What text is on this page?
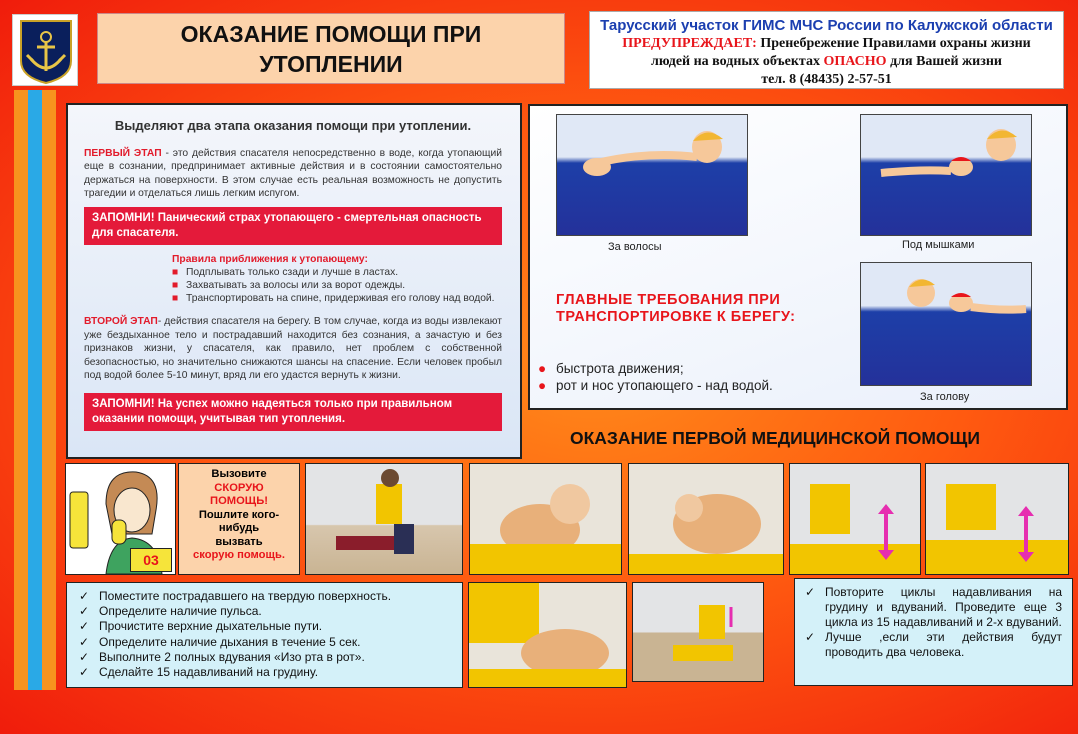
ОКАЗАНИЕ ПОМОЩИ ПРИ УТОПЛЕНИИ
Тарусский участок ГИМС МЧС России по Калужской области
ПРЕДУПРЕЖДАЕТ: Пренебрежение Правилами охраны жизни
людей на водных объектах ОПАСНО для Вашей жизни
тел. 8 (48435) 2-57-51
Выделяют два этапа оказания помощи при утоплении.
ПЕРВЫЙ ЭТАП - это действия спасателя непосредственно в воде, когда утопающий еще в сознании, предпринимает активные действия и в состоянии самостоятельно держаться на поверхности. В этом случае есть реальная возможность не допустить трагедии и отделаться лишь легким испугом.
ЗАПОМНИ! Панический страх утопающего - смертельная опасность для спасателя.
Правила приближения к утопающему:
■ Подплывать только сзади и лучше в ластах.
■ Захватывать за волосы или за ворот одежды.
■ Транспортировать на спине, придерживая его голову над водой.
ВТОРОЙ ЭТАП- действия спасателя на берегу. В том случае, когда из воды извлекают уже бездыханное тело и пострадавший находится без сознания, а зачастую и без признаков жизни, у спасателя, как правило, нет проблем с собственной безопасностью, но значительно снижаются шансы на спасение. Если человек пробыл под водой более 5-10 минут, вряд ли его удастся вернуть к жизни.
ЗАПОМНИ! На успех можно надеяться только при правильном оказании помощи, учитывая тип утопления.
За волосы	Под мышками
За голову
ГЛАВНЫЕ ТРЕБОВАНИЯ ПРИ ТРАНСПОРТИРОВКЕ К БЕРЕГУ:
● быстрота движения;
● рот и нос утопающего - над водой.
ОКАЗАНИЕ ПЕРВОЙ МЕДИЦИНСКОЙ ПОМОЩИ
03
Вызовите
СКОРУЮ ПОМОЩЬ!
Пошлите кого- нибудь вызвать
скорую помощь.
✓ Поместите пострадавшего на твердую поверхность.
✓ Определите наличие пульса.
✓ Прочистите верхние дыхательные пути.
✓ Определите наличие дыхания в течение 5 сек.
✓ Выполните 2 полных вдувания «Изо рта в рот».
✓ Сделайте 15 надавливаний на грудину.
✓ Повторите циклы надавливания на грудину и вдуваний. Проведите еще 3 цикла из 15 надавливаний и 2-х вдуваний.
✓ Лучше ,если эти действия будут проводить два человека.
